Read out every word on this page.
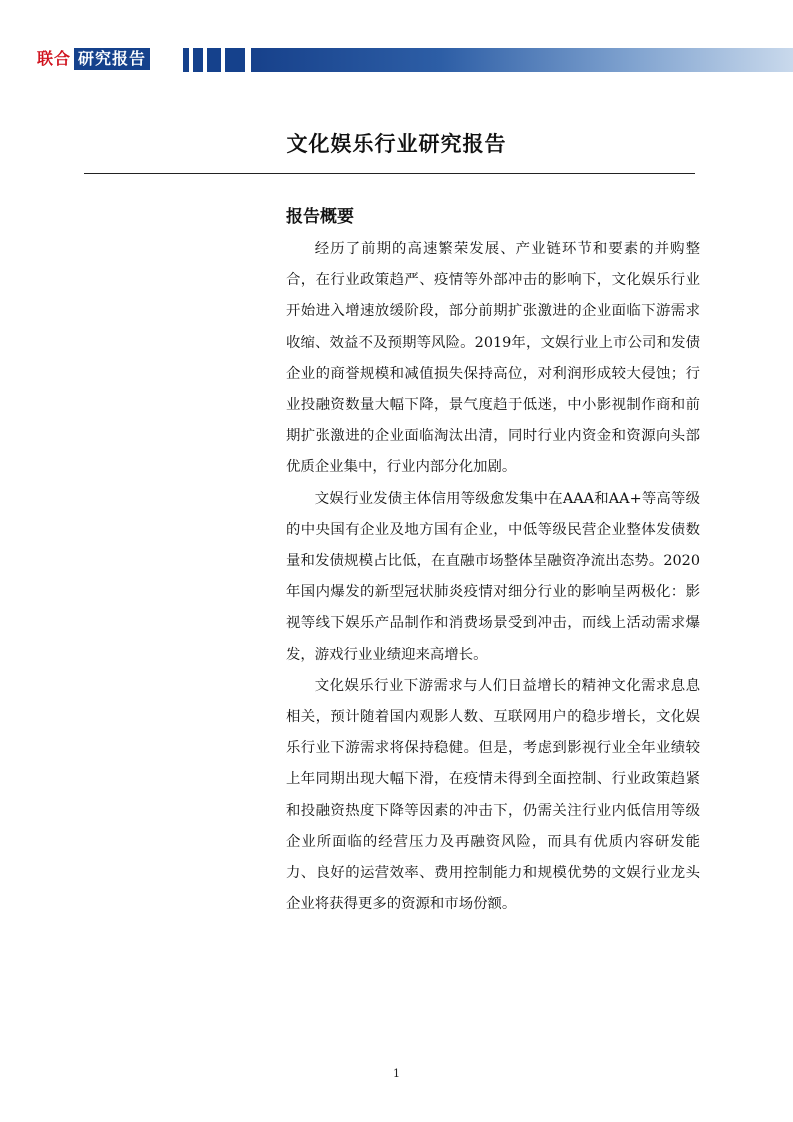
联合 研究报告
文化娱乐行业研究报告
报告概要

经历了前期的高速繁荣发展、产业链环节和要素的并购整合，在行业政策趋严、疫情等外部冲击的影响下，文化娱乐行业开始进入增速放缓阶段，部分前期扩张激进的企业面临下游需求收缩、效益不及预期等风险。2019年，文娱行业上市公司和发债企业的商誉规模和减值损失保持高位，对利润形成较大侵蚀；行业投融资数量大幅下降，景气度趋于低迷，中小影视制作商和前期扩张激进的企业面临淘汰出清，同时行业内资金和资源向头部优质企业集中，行业内部分化加剧。

文娱行业发债主体信用等级愈发集中在AAA和AA+等高等级的中央国有企业及地方国有企业，中低等级民营企业整体发债数量和发债规模占比低，在直融市场整体呈融资净流出态势。2020年国内爆发的新型冠状肺炎疫情对细分行业的影响呈两极化：影视等线下娱乐产品制作和消费场景受到冲击，而线上活动需求爆发，游戏行业业绩迎来高增长。

文化娱乐行业下游需求与人们日益增长的精神文化需求息息相关，预计随着国内观影人数、互联网用户的稳步增长，文化娱乐行业下游需求将保持稳健。但是，考虑到影视行业全年业绩较上年同期出现大幅下滑，在疫情未得到全面控制、行业政策趋紧和投融资热度下降等因素的冲击下，仍需关注行业内低信用等级企业所面临的经营压力及再融资风险，而具有优质内容研发能力、良好的运营效率、费用控制能力和规模优势的文娱行业龙头企业将获得更多的资源和市场份额。

1
